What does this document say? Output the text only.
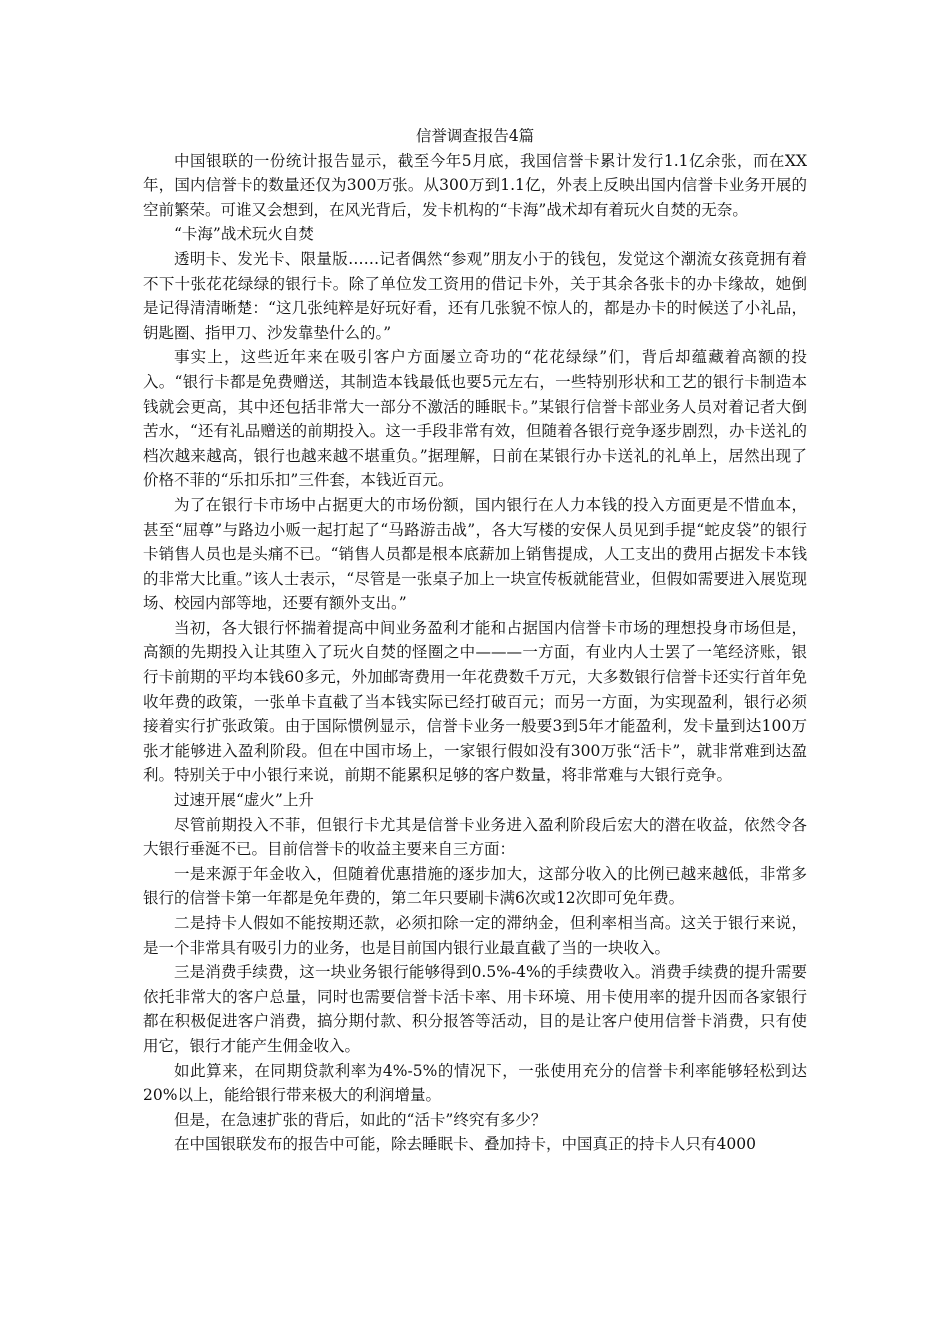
信誉调查报告4篇

中国银联的一份统计报告显示，截至今年5月底，我国信誉卡累计发行1.1亿余张，而在XX年，国内信誉卡的数量还仅为300万张。从300万到1.1亿，外表上反映出国内信誉卡业务开展的空前繁荣。可谁又会想到，在风光背后，发卡机构的“卡海”战术却有着玩火自焚的无奈。

“卡海”战术玩火自焚

透明卡、发光卡、限量版……记者偶然“参观”朋友小于的钱包，发觉这个潮流女孩竟拥有着不下十张花花绿绿的银行卡。除了单位发工资用的借记卡外，关于其余各张卡的办卡缘故，她倒是记得清清晰楚：“这几张纯粹是好玩好看，还有几张貌不惊人的，都是办卡的时候送了小礼品，钥匙圈、指甲刀、沙发靠垫什么的。”

事实上，这些近年来在吸引客户方面屡立奇功的“花花绿绿”们，背后却蕴藏着高额的投入。“银行卡都是免费赠送，其制造本钱最低也要5元左右，一些特别形状和工艺的银行卡制造本钱就会更高，其中还包括非常大一部分不激活的睡眠卡。”某银行信誉卡部业务人员对着记者大倒苦水，“还有礼品赠送的前期投入。这一手段非常有效，但随着各银行竞争逐步剧烈，办卡送礼的档次越来越高，银行也越来越不堪重负。”据理解，日前在某银行办卡送礼的礼单上，居然出现了价格不菲的“乐扣乐扣”三件套，本钱近百元。

为了在银行卡市场中占据更大的市场份额，国内银行在人力本钱的投入方面更是不惜血本，甚至“屈尊”与路边小贩一起打起了“马路游击战”，各大写楼的安保人员见到手提“蛇皮袋”的银行卡销售人员也是头痛不已。“销售人员都是根本底薪加上销售提成，人工支出的费用占据发卡本钱的非常大比重。”该人士表示，“尽管是一张桌子加上一块宣传板就能营业，但假如需要进入展览现场、校园内部等地，还要有额外支出。”

当初，各大银行怀揣着提高中间业务盈利才能和占据国内信誉卡市场的理想投身市场但是，高额的先期投入让其堕入了玩火自焚的怪圈之中———一方面，有业内人士罢了一笔经济账，银行卡前期的平均本钱60多元，外加邮寄费用一年花费数千万元，大多数银行信誉卡还实行首年免收年费的政策，一张单卡直截了当本钱实际已经打破百元；而另一方面，为实现盈利，银行必须接着实行扩张政策。由于国际惯例显示，信誉卡业务一般要3到5年才能盈利，发卡量到达100万张才能够进入盈利阶段。但在中国市场上，一家银行假如没有300万张“活卡”，就非常难到达盈利。特别关于中小银行来说，前期不能累积足够的客户数量，将非常难与大银行竞争。

过速开展“虚火”上升

尽管前期投入不菲，但银行卡尤其是信誉卡业务进入盈利阶段后宏大的潜在收益，依然令各大银行垂涎不已。目前信誉卡的收益主要来自三方面：

一是来源于年金收入，但随着优惠措施的逐步加大，这部分收入的比例已越来越低，非常多银行的信誉卡第一年都是免年费的，第二年只要刷卡满6次或12次即可免年费。

二是持卡人假如不能按期还款，必须扣除一定的滞纳金，但利率相当高。这关于银行来说，是一个非常具有吸引力的业务，也是目前国内银行业最直截了当的一块收入。

三是消费手续费，这一块业务银行能够得到0.5%-4%的手续费收入。消费手续费的提升需要依托非常大的客户总量，同时也需要信誉卡活卡率、用卡环境、用卡使用率的提升因而各家银行都在积极促进客户消费，搞分期付款、积分报答等活动，目的是让客户使用信誉卡消费，只有使用它，银行才能产生佣金收入。

如此算来，在同期贷款利率为4%-5%的情况下，一张使用充分的信誉卡利率能够轻松到达20%以上，能给银行带来极大的利润增量。

但是，在急速扩张的背后，如此的“活卡”终究有多少？

在中国银联发布的报告中可能，除去睡眠卡、叠加持卡，中国真正的持卡人只有4000
